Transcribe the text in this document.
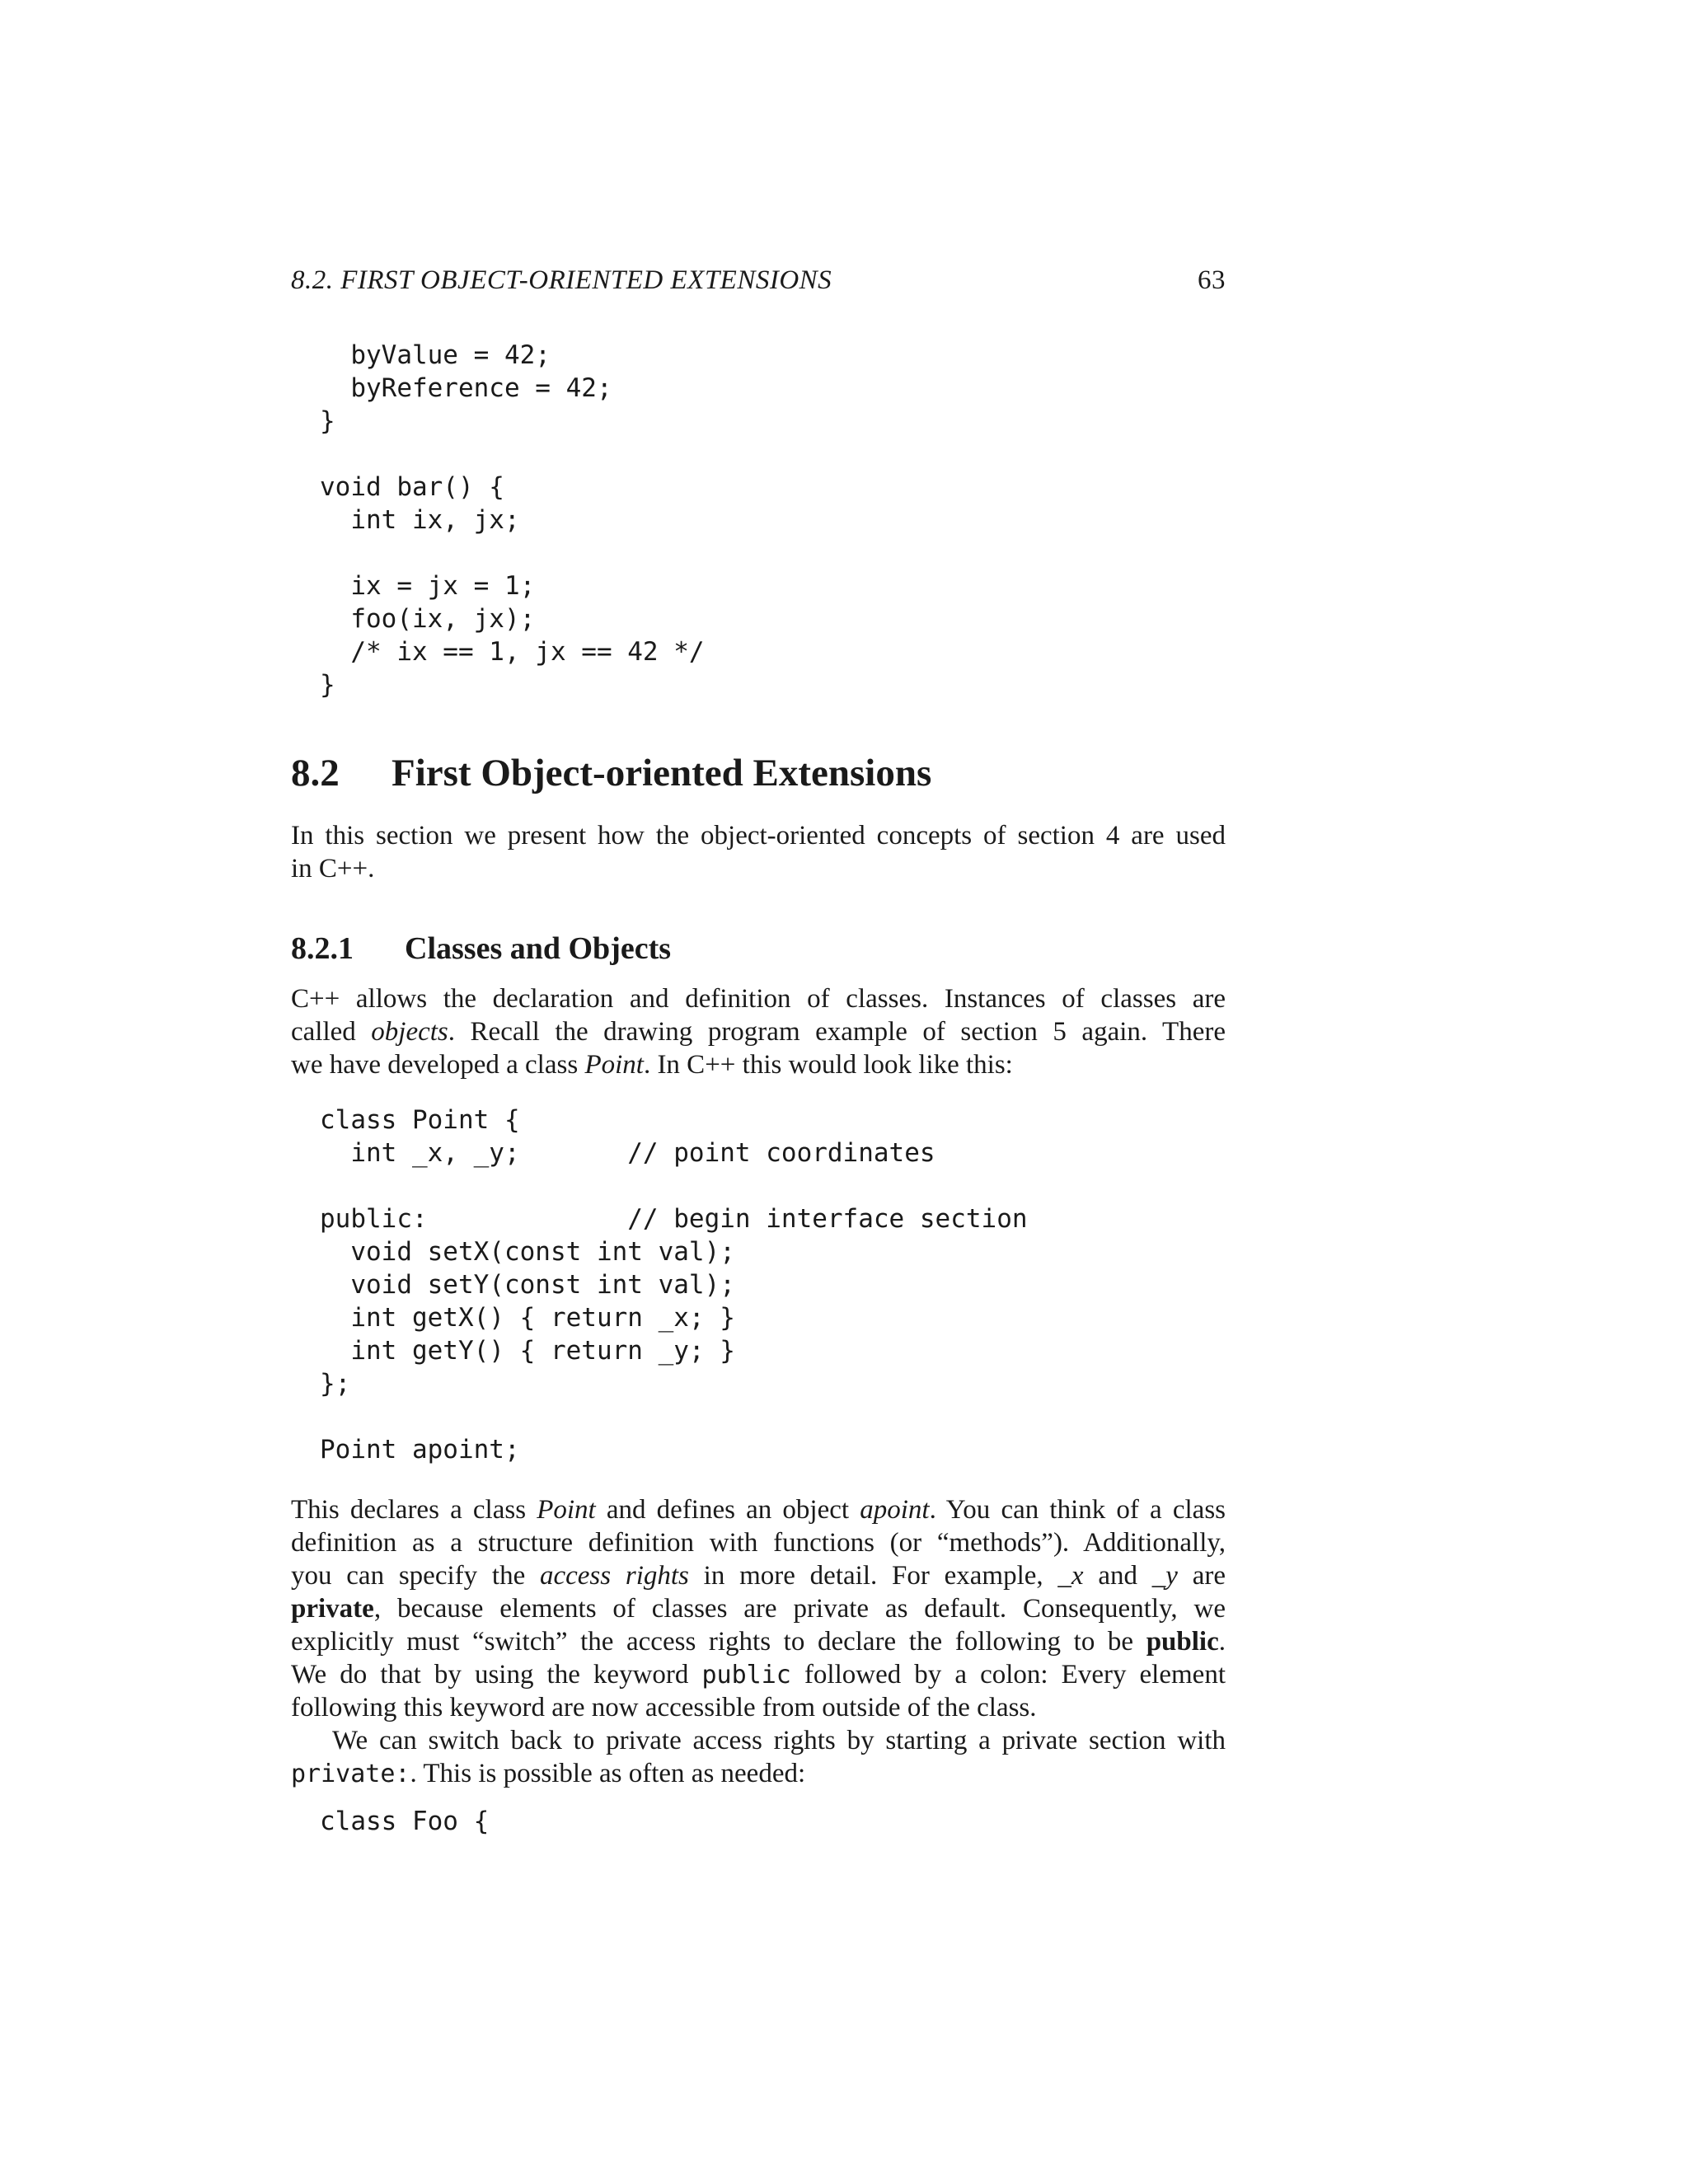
8.2. FIRST OBJECT-ORIENTED EXTENSIONS	63
byValue = 42;
byReference = 42;
}
void bar() {
int ix, jx;
ix = jx = 1;
foo(ix, jx);
/* ix == 1, jx == 42 */
}
8.2 First Object-oriented Extensions

In this section we present how the object-oriented concepts of section 4 are used
in C++.

8.2.1 Classes and Objects

C++ allows the declaration and definition of classes. Instances of classes are
called objects. Recall the drawing program example of section 5 again. There
we have developed a class Point. In C++ this would look like this:

class Point {
int _x, _y;       // point coordinates
public:             // begin interface section
void setX(const int val);
void setY(const int val);
int getX() { return _x; }
int getY() { return _y; }
};
Point apoint;

This declares a class Point and defines an object apoint. You can think of a class
definition as a structure definition with functions (or “methods”). Additionally,
you can specify the access rights in more detail. For example, _x and _y are
private, because elements of classes are private as default. Consequently, we
explicitly must “switch” the access rights to declare the following to be public.
We do that by using the keyword public followed by a colon: Every element
following this keyword are now accessible from outside of the class.

We can switch back to private access rights by starting a private section with
private:. This is possible as often as needed:

class Foo {
